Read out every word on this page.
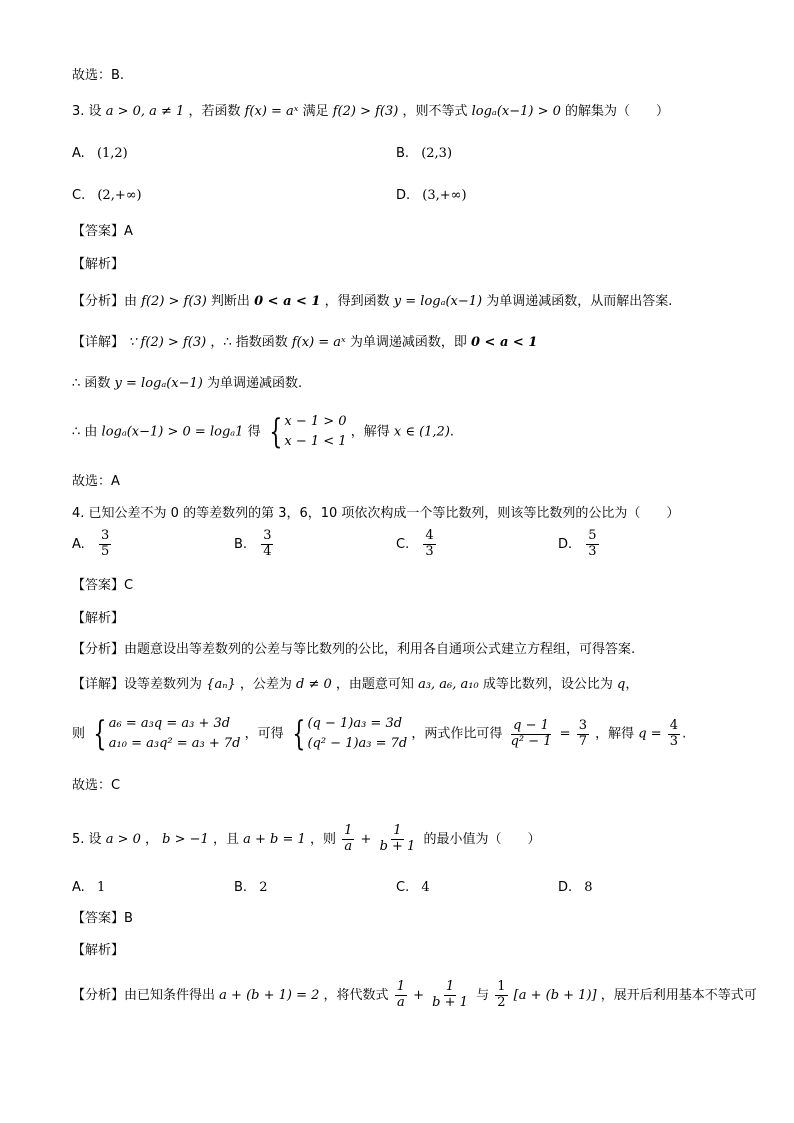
故选：B.
3. 设 a > 0, a ≠ 1 ，若函数 f(x) = aˣ 满足 f(2) > f(3) ，则不等式 logₐ(x−1) > 0 的解集为（　　）
A. (1,2)	B. (2,3)
C. (2,+∞)	D. (3,+∞)
【答案】A
【解析】
【分析】由 f(2) > f(3) 判断出 0 < a < 1 ，得到函数 y = logₐ(x−1) 为单调递减函数，从而解出答案.
【详解】 ∵ f(2) > f(3) ，∴ 指数函数 f(x) = aˣ 为单调递减函数，即 0 < a < 1
∴ 函数 y = logₐ(x−1) 为单调递减函数.
∴ 由 logₐ(x−1) > 0 = logₐ1 得 { x − 1 > 0
x − 1 < 1
，解得 x ∈ (1,2).
故选：A
4. 已知公差不为 0 的等差数列的第 3，6，10 项依次构成一个等比数列，则该等比数列的公比为（　　）
A. $\frac{3}{5}$	B. $\frac{3}{4}$	C. $\frac{4}{3}$	D. $\frac{5}{3}$
【答案】C
【解析】
【分析】由题意设出等差数列的公差与等比数列的公比，利用各自通项公式建立方程组，可得答案.
【详解】设等差数列为 {aₙ} ，公差为 d ≠ 0 ，由题意可知 a₃, a₆, a₁₀ 成等比数列，设公比为 q，
则 { a₆ = a₃q = a₃ + 3d
a₁₀ = a₃q² = a₃ + 7d
，可得 { (q − 1)a₃ = 3d
(q² − 1)a₃ = 7d
，两式作比可得 $\frac{q - 1}{\text{q² − 1}} = \frac{3}{7}$ ，解得 $q = \frac{4}{3}$ .
故选：C
5. 设 a > 0 ， b > −1 ，且 a + b = 1 ，则 $\frac{1}{a} + \frac{1}{b + 1}$ 的最小值为（　　）
A. 1	B. 2	C. 4	D. 8
【答案】B
【解析】
【分析】由已知条件得出 a + (b + 1) = 2 ，将代数式 $\frac{1}{a} + \frac{1}{b + 1}$ 与 $\frac{1}{2} [a + (b + 1)]$ ，展开后利用基本不等式可
